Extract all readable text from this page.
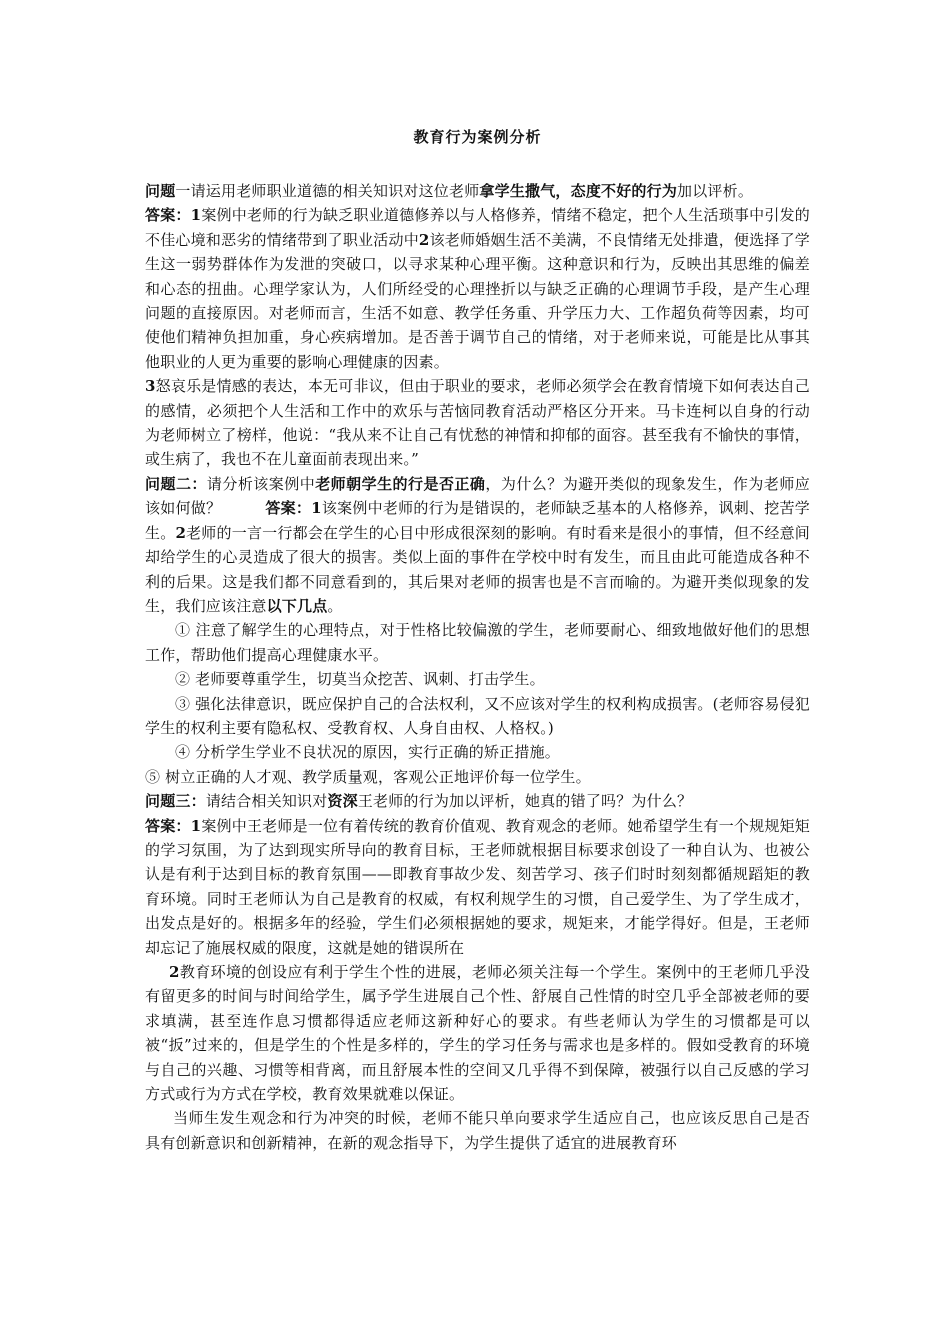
教育行为案例分析

问题一请运用老师职业道德的相关知识对这位老师拿学生撒气，态度不好的行为加以评析。

答案：1案例中老师的行为缺乏职业道德修养以与人格修养，情绪不稳定，把个人生活琐事中引发的不佳心境和恶劣的情绪带到了职业活动中2该老师婚姻生活不美满，不良情绪无处排遣，便选择了学生这一弱势群体作为发泄的突破口，以寻求某种心理平衡。这种意识和行为，反映出其思维的偏差和心态的扭曲。心理学家认为，人们所经受的心理挫折以与缺乏正确的心理调节手段，是产生心理问题的直接原因。对老师而言，生活不如意、教学任务重、升学压力大、工作超负荷等因素，均可使他们精神负担加重，身心疾病增加。是否善于调节自己的情绪，对于老师来说，可能是比从事其他职业的人更为重要的影响心理健康的因素。

3怒哀乐是情感的表达，本无可非议，但由于职业的要求，老师必须学会在教育情境下如何表达自己的感情，必须把个人生活和工作中的欢乐与苦恼同教育活动严格区分开来。马卡连柯以自身的行动为老师树立了榜样，他说：“我从来不让自己有忧愁的神情和抑郁的面容。甚至我有不愉快的事情，或生病了，我也不在儿童面前表现出来。”

问题二：请分析该案例中老师朝学生的行是否正确，为什么？为避开类似的现象发生，作为老师应该如何做？	答案：1该案例中老师的行为是错误的，老师缺乏基本的人格修养，讽刺、挖苦学生。2老师的一言一行都会在学生的心目中形成很深刻的影响。有时看来是很小的事情，但不经意间却给学生的心灵造成了很大的损害。类似上面的事件在学校中时有发生，而且由此可能造成各种不利的后果。这是我们都不同意看到的，其后果对老师的损害也是不言而喻的。为避开类似现象的发生，我们应该注意以下几点。

① 注意了解学生的心理特点，对于性格比较偏激的学生，老师要耐心、细致地做好他们的思想工作，帮助他们提高心理健康水平。

② 老师要尊重学生，切莫当众挖苦、讽刺、打击学生。

③ 强化法律意识，既应保护自己的合法权利，又不应该对学生的权利构成损害。(老师容易侵犯学生的权利主要有隐私权、受教育权、人身自由权、人格权。)

④ 分析学生学业不良状况的原因，实行正确的矫正措施。

⑤ 树立正确的人才观、教学质量观，客观公正地评价每一位学生。

问题三：请结合相关知识对资深王老师的行为加以评析，她真的错了吗？为什么？

答案：1案例中王老师是一位有着传统的教育价值观、教育观念的老师。她希望学生有一个规规矩矩的学习氛围，为了达到现实所导向的教育目标，王老师就根据目标要求创设了一种自认为、也被公认是有利于达到目标的教育氛围——即教育事故少发、刻苦学习、孩子们时时刻刻都循规蹈矩的教育环境。同时王老师认为自己是教育的权威，有权利规学生的习惯，自己爱学生、为了学生成才，出发点是好的。根据多年的经验，学生们必须根据她的要求，规矩来，才能学得好。但是，王老师却忘记了施展权威的限度，这就是她的错误所在

2教育环境的创设应有利于学生个性的进展，老师必须关注每一个学生。案例中的王老师几乎没有留更多的时间与时间给学生，属予学生进展自己个性、舒展自己性情的时空几乎全部被老师的要求填满，甚至连作息习惯都得适应老师这新种好心的要求。有些老师认为学生的习惯都是可以被“扳”过来的，但是学生的个性是多样的，学生的学习任务与需求也是多样的。假如受教育的环境与自己的兴趣、习惯等相背离，而且舒展本性的空间又几乎得不到保障，被强行以自己反感的学习方式或行为方式在学校，教育效果就难以保证。

当师生发生观念和行为冲突的时候，老师不能只单向要求学生适应自己，也应该反思自己是否具有创新意识和创新精神，在新的观念指导下，为学生提供了适宜的进展教育环
